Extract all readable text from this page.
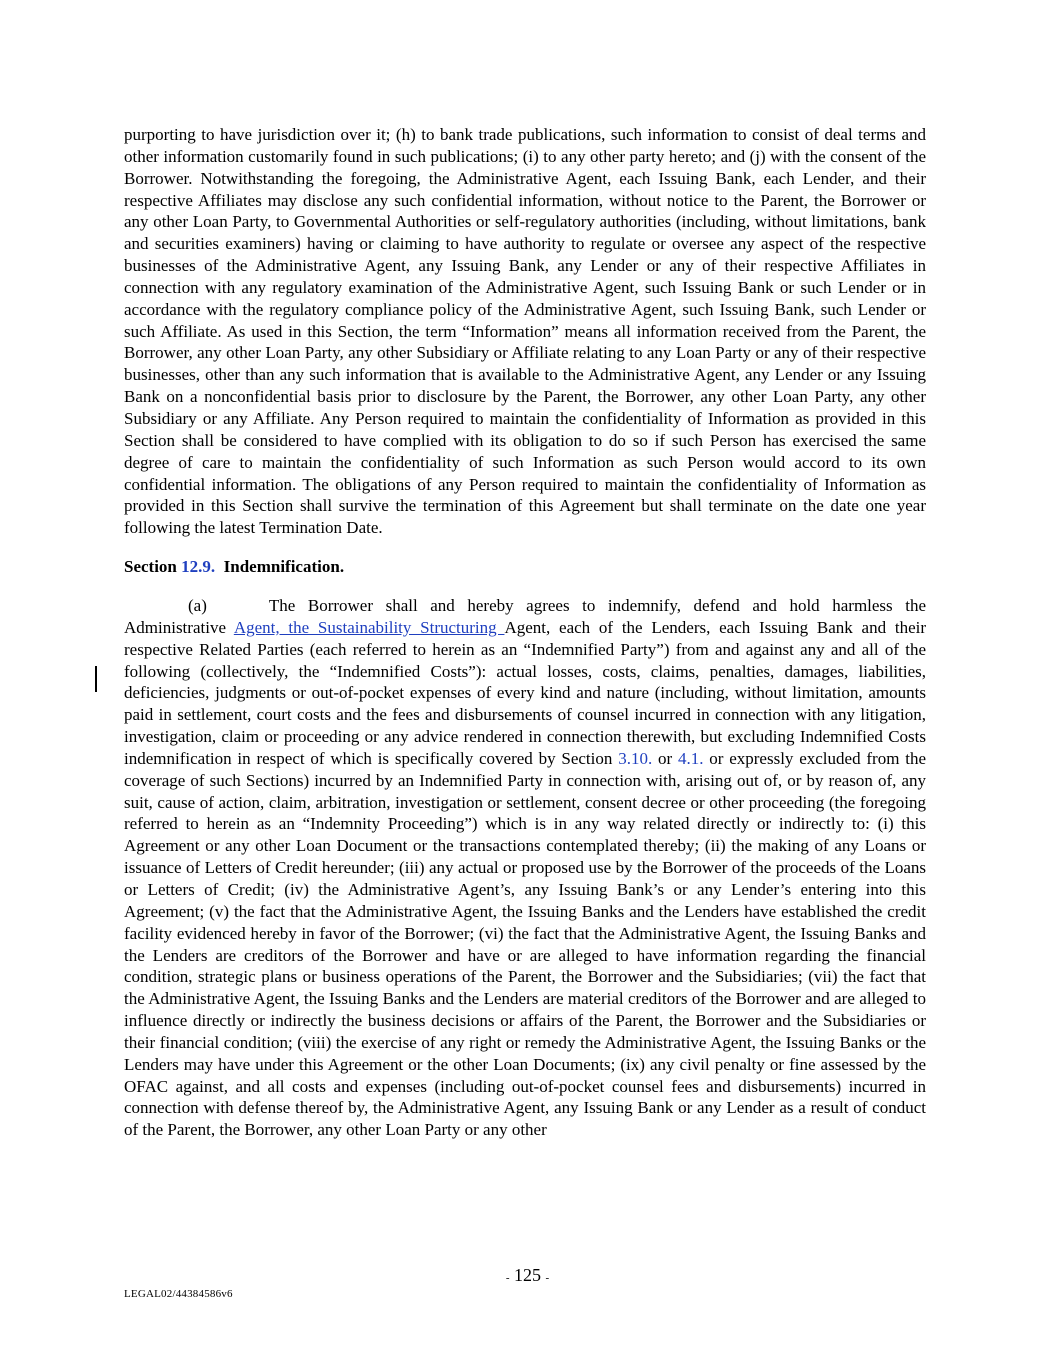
purporting to have jurisdiction over it; (h) to bank trade publications, such information to consist of deal terms and other information customarily found in such publications; (i) to any other party hereto; and (j) with the consent of the Borrower. Notwithstanding the foregoing, the Administrative Agent, each Issuing Bank, each Lender, and their respective Affiliates may disclose any such confidential information, without notice to the Parent, the Borrower or any other Loan Party, to Governmental Authorities or self-regulatory authorities (including, without limitations, bank and securities examiners) having or claiming to have authority to regulate or oversee any aspect of the respective businesses of the Administrative Agent, any Issuing Bank, any Lender or any of their respective Affiliates in connection with any regulatory examination of the Administrative Agent, such Issuing Bank or such Lender or in accordance with the regulatory compliance policy of the Administrative Agent, such Issuing Bank, such Lender or such Affiliate. As used in this Section, the term “Information” means all information received from the Parent, the Borrower, any other Loan Party, any other Subsidiary or Affiliate relating to any Loan Party or any of their respective businesses, other than any such information that is available to the Administrative Agent, any Lender or any Issuing Bank on a nonconfidential basis prior to disclosure by the Parent, the Borrower, any other Loan Party, any other Subsidiary or any Affiliate. Any Person required to maintain the confidentiality of Information as provided in this Section shall be considered to have complied with its obligation to do so if such Person has exercised the same degree of care to maintain the confidentiality of such Information as such Person would accord to its own confidential information. The obligations of any Person required to maintain the confidentiality of Information as provided in this Section shall survive the termination of this Agreement but shall terminate on the date one year following the latest Termination Date.

Section 12.9. Indemnification.

(a)	The Borrower shall and hereby agrees to indemnify, defend and hold harmless the Administrative Agent, the Sustainability Structuring Agent, each of the Lenders, each Issuing Bank and their respective Related Parties (each referred to herein as an “Indemnified Party”) from and against any and all of the following (collectively, the “Indemnified Costs”): actual losses, costs, claims, penalties, damages, liabilities, deficiencies, judgments or out-of-pocket expenses of every kind and nature (including, without limitation, amounts paid in settlement, court costs and the fees and disbursements of counsel incurred in connection with any litigation, investigation, claim or proceeding or any advice rendered in connection therewith, but excluding Indemnified Costs indemnification in respect of which is specifically covered by Section 3.10. or 4.1. or expressly excluded from the coverage of such Sections) incurred by an Indemnified Party in connection with, arising out of, or by reason of, any suit, cause of action, claim, arbitration, investigation or settlement, consent decree or other proceeding (the foregoing referred to herein as an “Indemnity Proceeding”) which is in any way related directly or indirectly to: (i) this Agreement or any other Loan Document or the transactions contemplated thereby; (ii) the making of any Loans or issuance of Letters of Credit hereunder; (iii) any actual or proposed use by the Borrower of the proceeds of the Loans or Letters of Credit; (iv) the Administrative Agent’s, any Issuing Bank’s or any Lender’s entering into this Agreement; (v) the fact that the Administrative Agent, the Issuing Banks and the Lenders have established the credit facility evidenced hereby in favor of the Borrower; (vi) the fact that the Administrative Agent, the Issuing Banks and the Lenders are creditors of the Borrower and have or are alleged to have information regarding the financial condition, strategic plans or business operations of the Parent, the Borrower and the Subsidiaries; (vii) the fact that the Administrative Agent, the Issuing Banks and the Lenders are material creditors of the Borrower and are alleged to influence directly or indirectly the business decisions or affairs of the Parent, the Borrower and the Subsidiaries or their financial condition; (viii) the exercise of any right or remedy the Administrative Agent, the Issuing Banks or the Lenders may have under this Agreement or the other Loan Documents; (ix) any civil penalty or fine assessed by the OFAC against, and all costs and expenses (including out-of-pocket counsel fees and disbursements) incurred in connection with defense thereof by, the Administrative Agent, any Issuing Bank or any Lender as a result of conduct of the Parent, the Borrower, any other Loan Party or any other

- 125 -
LEGAL02/44384586v6
